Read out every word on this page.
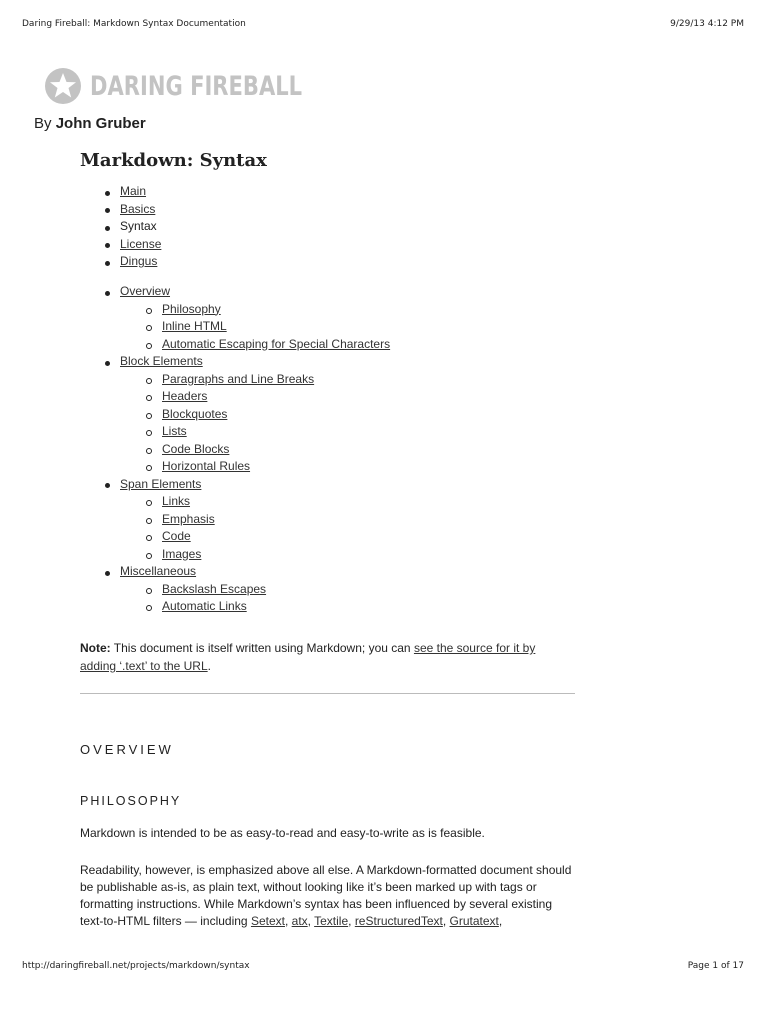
Daring Fireball: Markdown Syntax Documentation	9/29/13 4:12 PM
DARING FIREBALL
By John Gruber
Markdown: Syntax
Main
Basics
Syntax
License
Dingus
Overview
Philosophy
Inline HTML
Automatic Escaping for Special Characters
Block Elements
Paragraphs and Line Breaks
Headers
Blockquotes
Lists
Code Blocks
Horizontal Rules
Span Elements
Links
Emphasis
Code
Images
Miscellaneous
Backslash Escapes
Automatic Links
Note: This document is itself written using Markdown; you can see the source for it by adding ‘.text’ to the URL.
OVERVIEW
PHILOSOPHY
Markdown is intended to be as easy-to-read and easy-to-write as is feasible.
Readability, however, is emphasized above all else. A Markdown-formatted document should be publishable as-is, as plain text, without looking like it’s been marked up with tags or formatting instructions. While Markdown’s syntax has been influenced by several existing text-to-HTML filters — including Setext, atx, Textile, reStructuredText, Grutatext,
http://daringfireball.net/projects/markdown/syntax	Page 1 of 17
